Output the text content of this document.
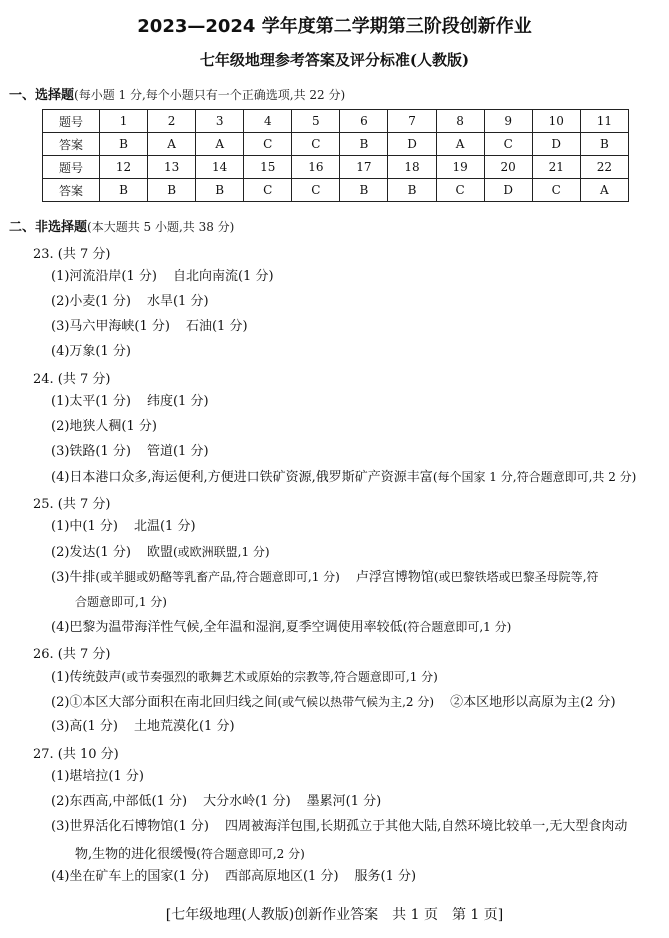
2023—2024 学年度第二学期第三阶段创新作业
七年级地理参考答案及评分标准(人教版)
一、选择题(每小题 1 分,每个小题只有一个正确选项,共 22 分)
题号	1	2	3	4	5	6	7	8	9	10	11
答案	B	A	A	C	C	B	D	A	C	D	B
题号	12	13	14	15	16	17	18	19	20	21	22
答案	B	B	B	C	C	B	B	C	D	C	A
二、非选择题(本大题共 5 小题,共 38 分)
23. (共 7 分)
(1)河流沿岸(1 分) 自北向南流(1 分)
(2)小麦(1 分) 水旱(1 分)
(3)马六甲海峡(1 分) 石油(1 分)
(4)万象(1 分)
24. (共 7 分)
(1)太平(1 分) 纬度(1 分)
(2)地狭人稠(1 分)
(3)铁路(1 分) 管道(1 分)
(4)日本港口众多,海运便利,方便进口铁矿资源,俄罗斯矿产资源丰富(每个国家 1 分,符合题意即可,共 2 分)
25. (共 7 分)
(1)中(1 分) 北温(1 分)
(2)发达(1 分) 欧盟(或欧洲联盟,1 分)
(3)牛排(或羊腿或奶酪等乳畜产品,符合题意即可,1 分) 卢浮宫博物馆(或巴黎铁塔或巴黎圣母院等,符
合题意即可,1 分)
(4)巴黎为温带海洋性气候,全年温和湿润,夏季空调使用率较低(符合题意即可,1 分)
26. (共 7 分)
(1)传统鼓声(或节奏强烈的歌舞艺术或原始的宗教等,符合题意即可,1 分)
(2)①本区大部分面积在南北回归线之间(或气候以热带气候为主,2 分) ②本区地形以高原为主(2 分)
(3)高(1 分) 土地荒漠化(1 分)
27. (共 10 分)
(1)堪培拉(1 分)
(2)东西高,中部低(1 分) 大分水岭(1 分) 墨累河(1 分)
(3)世界活化石博物馆(1 分) 四周被海洋包围,长期孤立于其他大陆,自然环境比较单一,无大型食肉动
物,生物的进化很缓慢(符合题意即可,2 分)
(4)坐在矿车上的国家(1 分) 西部高原地区(1 分) 服务(1 分)
[七年级地理(人教版)创新作业答案　共 1 页　第 1 页]
